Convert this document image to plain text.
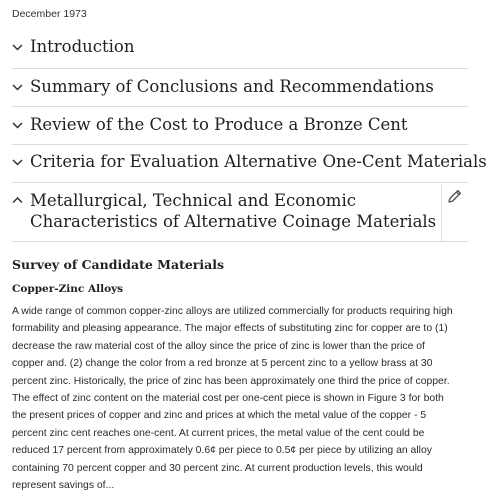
December 1973
Introduction
Summary of Conclusions and Recommendations
Review of the Cost to Produce a Bronze Cent
Criteria for Evaluation Alternative One-Cent Materials
Metallurgical, Technical and Economic
Characteristics of Alternative Coinage Materials
Survey of Candidate Materials
Copper-Zinc Alloys
A wide range of common copper-zinc alloys are utilized commercially for products requiring high
formability and pleasing appearance. The major effects of substituting zinc for copper are to (1)
decrease the raw material cost of the alloy since the price of zinc is lower than the price of
copper and. (2) change the color from a red bronze at 5 percent zinc to a yellow brass at 30
percent zinc. Historically, the price of zinc has been approximately one third the price of copper.
The effect of zinc content on the material cost per one-cent piece is shown in Figure 3 for both
the present prices of copper and zinc and prices at which the metal value of the copper - 5
percent zinc cent reaches one-cent. At current prices, the metal value of the cent could be
reduced 17 percent from approximately 0.6¢ per piece to 0.5¢ per piece by utilizing an alloy
containing 70 percent copper and 30 percent zinc. At current production levels, this would
represent savings of...
